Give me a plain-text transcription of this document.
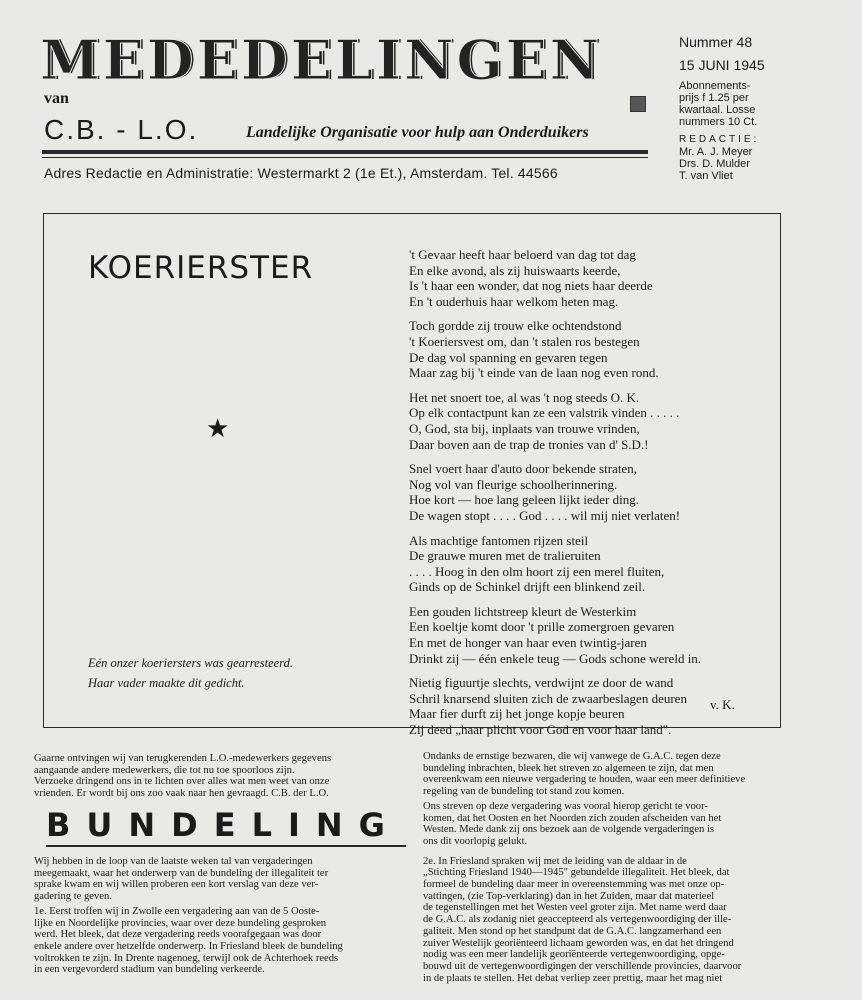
MEDEDELINGEN
van
C.B. - L.O.	Landelijke Organisatie voor hulp aan Onderduikers
Adres Redactie en Administratie: Westermarkt 2 (1e Et.), Amsterdam. Tel. 44566
Nummer 48
15 JUNI 1945
Abonnements-
prijs f 1.25 per
kwartaal. Losse
nummers 10 Ct.
REDACTIE:
Mr. A. J. Meyer
Drs. D. Mulder
T. van Vliet
KOERIERSTER
★
Eén onzer koeriersters was gearresteerd.
Haar vader maakte dit gedicht.
't Gevaar heeft haar beloerd van dag tot dag
En elke avond, als zij huiswaarts keerde,
Is 't haar een wonder, dat nog niets haar deerde
En 't ouderhuis haar welkom heten mag.
Toch gordde zij trouw elke ochtendstond
't Koeriersvest om, dan 't stalen ros bestegen
De dag vol spanning en gevaren tegen
Maar zag bij 't einde van de laan nog even rond.
Het net snoert toe, al was 't nog steeds O. K.
Op elk contactpunt kan ze een valstrik vinden . . . . .
O, God, sta bij, inplaats van trouwe vrinden,
Daar boven aan de trap de tronies van d' S.D.!
Snel voert haar d'auto door bekende straten,
Nog vol van fleurige schoolherinnering.
Hoe kort — hoe lang geleen lijkt ieder ding.
De wagen stopt . . . . God . . . . wil mij niet verlaten!
Als machtige fantomen rijzen steil
De grauwe muren met de tralieruiten
. . . . Hoog in den olm hoort zij een merel fluiten,
Ginds op de Schinkel drijft een blinkend zeil.
Een gouden lichtstreep kleurt de Westerkim
Een koeltje komt door 't prille zomergroen gevaren
En met de honger van haar even twintig-jaren
Drinkt zij — één enkele teug — Gods schone wereld in.
Nietig figuurtje slechts, verdwijnt ze door de wand
Schril knarsend sluiten zich de zwaarbeslagen deuren
Maar fier durft zij het jonge kopje beuren
Zij deed „haar plicht voor God en voor haar land".
v. K.
Gaarne ontvingen wij van terugkerenden L.O.-medewerkers gegevens
aangaande andere medewerkers, die tot nu toe spoorloos zijn.
Verzoeke dringend ons in te lichten over alles wat men weet van onze
vrienden. Er wordt bij ons zoo vaak naar hen gevraagd. C.B. der L.O.
BUNDELING
Wij hebben in de loop van de laatste weken tal van vergaderingen
meegemaakt, waar het onderwerp van de bundeling der illegaliteit ter
sprake kwam en wij willen proberen een kort verslag van deze ver-
gadering te geven.
1e. Eerst troffen wij in Zwolle een vergadering aan van de 5 Ooste-
lijke en Noordelijke provincies, waar over deze bundeling gesproken
werd. Het bleek, dat deze vergadering reeds voorafgegaan was door
enkele andere over hetzelfde onderwerp. In Friesland bleek de bundeling
voltrokken te zijn. In Drente nagenoeg, terwijl ook de Achterhoek reeds
in een vergevorderd stadium van bundeling verkeerde.
Ondanks de ernstige bezwaren, die wij vanwege de G.A.C. tegen deze
bundeling inbrachten, bleek het streven zo algemeen te zijn, dat men
overeenkwam een nieuwe vergadering te houden, waar een meer definitieve
regeling van de bundeling tot stand zou komen.
Ons streven op deze vergadering was vooral hierop gericht te voor-
komen, dat het Oosten en het Noorden zich zouden afscheiden van het
Westen. Mede dank zij ons bezoek aan de volgende vergaderingen is
ons dit voorlopig gelukt.
2e. In Friesland spraken wij met de leiding van de aldaar in de
„Stichting Friesland 1940—1945" gebundelde illegaliteit. Het bleek, dat
formeel de bundeling daar meer in overeenstemming was met onze op-
vattingen, (zie Top-verklaring) dan in het Zuiden, maar dat materieel
de tegenstellingen met het Westen veel groter zijn. Met name werd daar
de G.A.C. als zodanig niet geaccepteerd als vertegenwoordiging der ille-
galiteit. Men stond op het standpunt dat de G.A.C. langzamerhand een
zuiver Westelijk georiënteerd lichaam geworden was, en dat het dringend
nodig was een meer landelijk georiënteerde vertegenwoordiging, opge-
bouwd uit de vertegenwoordigingen der verschillende provincies, daarvoor
in de plaats te stellen. Het debat verliep zeer prettig, maar het mag niet
